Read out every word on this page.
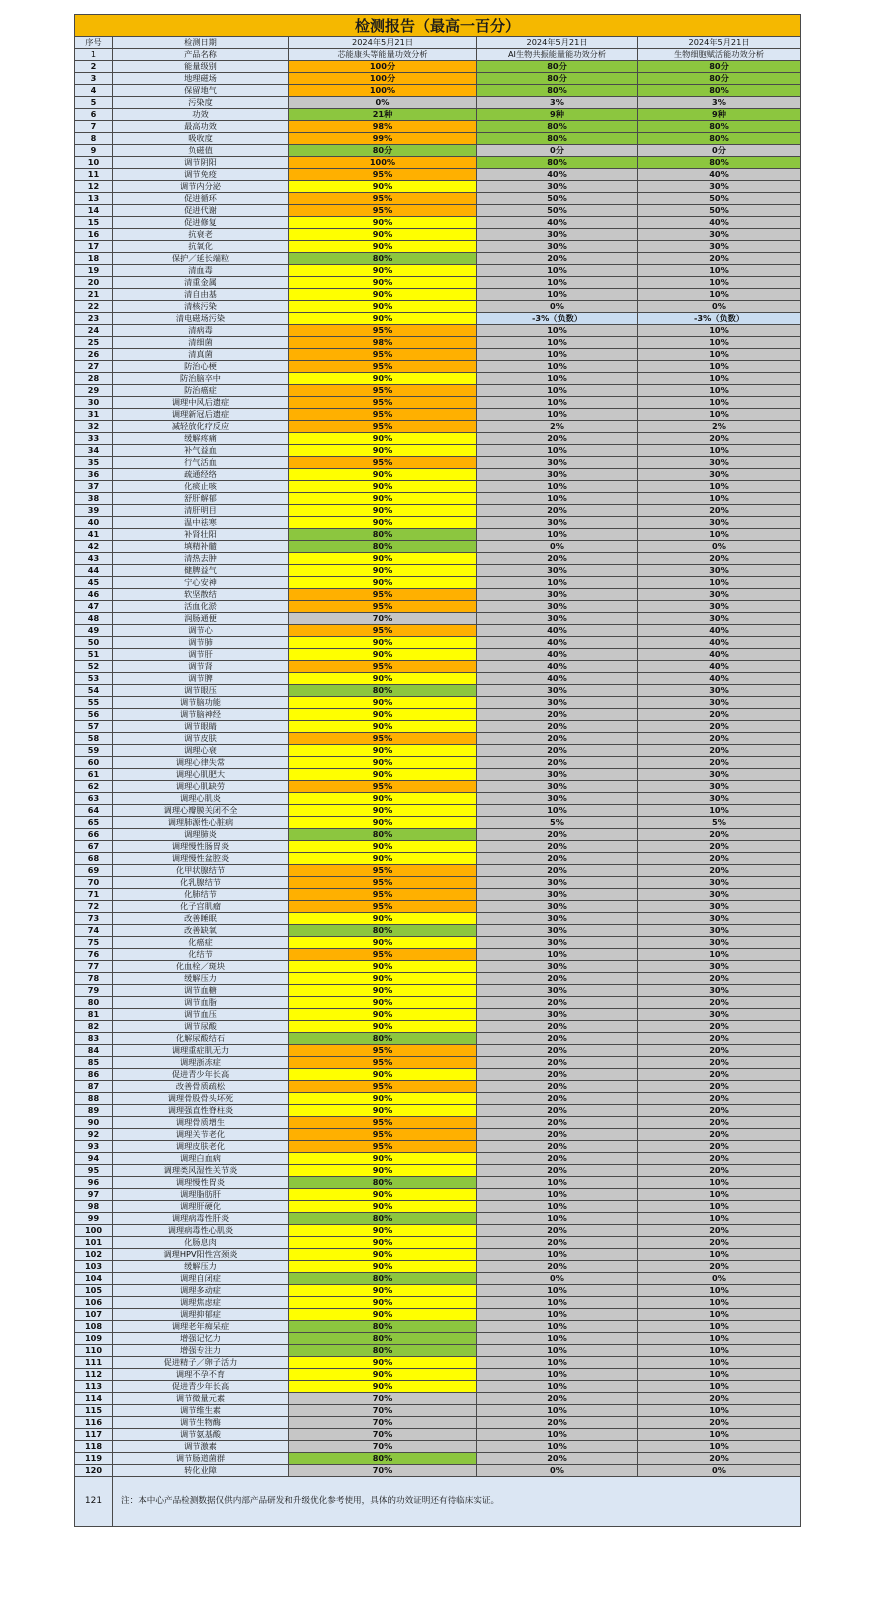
检测报告（最高一百分）				
序号	检测日期	2024年5月21日	2024年5月21日	2024年5月21日
1	产品名称	芯能康头等能量功效分析	AI生物共振能量能功效分析	生物细胞赋活能功效分析
2	能量级别	100分	80分	80分
3	地理磁场	100分	80分	80分
4	保留地气	100%	80%	80%
5	污染度	0%	3%	3%
6	功效	21种	9种	9种
7	最高功效	98%	80%	80%
8	吸收度	99%	80%	80%
9	负磁值	80分	0分	0分
10	调节阴阳	100%	80%	80%
11	调节免疫	95%	40%	40%
12	调节内分泌	90%	30%	30%
13	促进循环	95%	50%	50%
14	促进代谢	95%	50%	50%
15	促进修复	90%	40%	40%
16	抗衰老	90%	30%	30%
17	抗氧化	90%	30%	30%
18	保护／延长端粒	80%	20%	20%
19	清血毒	90%	10%	10%
20	清重金属	90%	10%	10%
21	清自由基	90%	10%	10%
22	清核污染	90%	0%	0%
23	清电磁场污染	90%	-3%（负数）	-3%（负数）
24	清病毒	95%	10%	10%
25	清细菌	98%	10%	10%
26	清真菌	95%	10%	10%
27	防治心梗	95%	10%	10%
28	防治脑卒中	90%	10%	10%
29	防治癌症	95%	10%	10%
30	调理中风后遗症	95%	10%	10%
31	调理新冠后遗症	95%	10%	10%
32	减轻放化疗反应	95%	2%	2%
33	缓解疼痛	90%	20%	20%
34	补气益血	90%	10%	10%
35	行气活血	95%	30%	30%
36	疏通经络	90%	30%	30%
37	化痰止咳	90%	10%	10%
38	舒肝解郁	90%	10%	10%
39	清肝明目	90%	20%	20%
40	温中祛寒	90%	30%	30%
41	补肾壮阳	80%	10%	10%
42	填精补髓	80%	0%	0%
43	清热去肿	90%	20%	20%
44	健脾益气	90%	30%	30%
45	宁心安神	90%	10%	10%
46	软坚散结	95%	30%	30%
47	活血化淤	95%	30%	30%
48	润肠通便	70%	30%	30%
49	调节心	95%	40%	40%
50	调节肺	90%	40%	40%
51	调节肝	90%	40%	40%
52	调节肾	95%	40%	40%
53	调节脾	90%	40%	40%
54	调节眼压	80%	30%	30%
55	调节脑功能	90%	30%	30%
56	调节脑神经	90%	20%	20%
57	调节眼睛	90%	20%	20%
58	调节皮肤	95%	20%	20%
59	调理心衰	90%	20%	20%
60	调理心律失常	90%	20%	20%
61	调理心肌肥大	90%	30%	30%
62	调理心肌缺劳	95%	30%	30%
63	调理心肌炎	90%	30%	30%
64	调理心瓣膜关闭不全	90%	10%	10%
65	调理肺源性心脏病	90%	5%	5%
66	调理肺炎	80%	20%	20%
67	调理慢性肠胃炎	90%	20%	20%
68	调理慢性盆腔炎	90%	20%	20%
69	化甲状腺结节	95%	20%	20%
70	化乳腺结节	95%	30%	30%
71	化肺结节	95%	30%	30%
72	化子宫肌瘤	95%	30%	30%
73	改善睡眠	90%	30%	30%
74	改善缺氧	80%	30%	30%
75	化癌症	90%	30%	30%
76	化结节	95%	10%	10%
77	化血栓／斑块	90%	30%	30%
78	缓解压力	90%	20%	20%
79	调节血糖	90%	30%	30%
80	调节血脂	90%	20%	20%
81	调节血压	90%	30%	30%
82	调节尿酸	90%	20%	20%
83	化解尿酸结石	80%	20%	20%
84	调理重症肌无力	95%	20%	20%
85	调理浙冻症	95%	20%	20%
86	促进青少年长高	90%	20%	20%
87	改善骨质疏松	95%	20%	20%
88	调理骨股骨头坏死	90%	20%	20%
89	调理强直性脊柱炎	90%	20%	20%
90	调理骨质增生	95%	20%	20%
92	调理关节老化	95%	20%	20%
93	调理皮肤老化	95%	20%	20%
94	调理白血病	90%	20%	20%
95	调理类风湿性关节炎	90%	20%	20%
96	调理慢性胃炎	80%	10%	10%
97	调理脂肪肝	90%	10%	10%
98	调理肝硬化	90%	10%	10%
99	调理病毒性肝炎	80%	10%	10%
100	调理病毒性心肌炎	90%	20%	20%
101	化肠息肉	90%	20%	20%
102	调理HPV阳性宫颈炎	90%	10%	10%
103	缓解压力	90%	20%	20%
104	调理自闭症	80%	0%	0%
105	调理多动症	90%	10%	10%
106	调理焦虑症	90%	10%	10%
107	调理抑郁症	90%	10%	10%
108	调理老年痴呆症	80%	10%	10%
109	增强记忆力	80%	10%	10%
110	增强专注力	80%	10%	10%
111	促进精子／卵子活力	90%	10%	10%
112	调理不孕不育	90%	10%	10%
113	促进青少年长高	90%	10%	10%
114	调节微量元素	70%	20%	20%
115	调节维生素	70%	10%	10%
116	调节生物酶	70%	20%	20%
117	调节氨基酸	70%	10%	10%
118	调节激素	70%	10%	10%
119	调节肠道菌群	80%	20%	20%
120	转化业障	70%	0%	0%
121	注：本中心产品检测数据仅供内部产品研发和升级优化参考使用，具体的功效证明还有待临床实证。			
